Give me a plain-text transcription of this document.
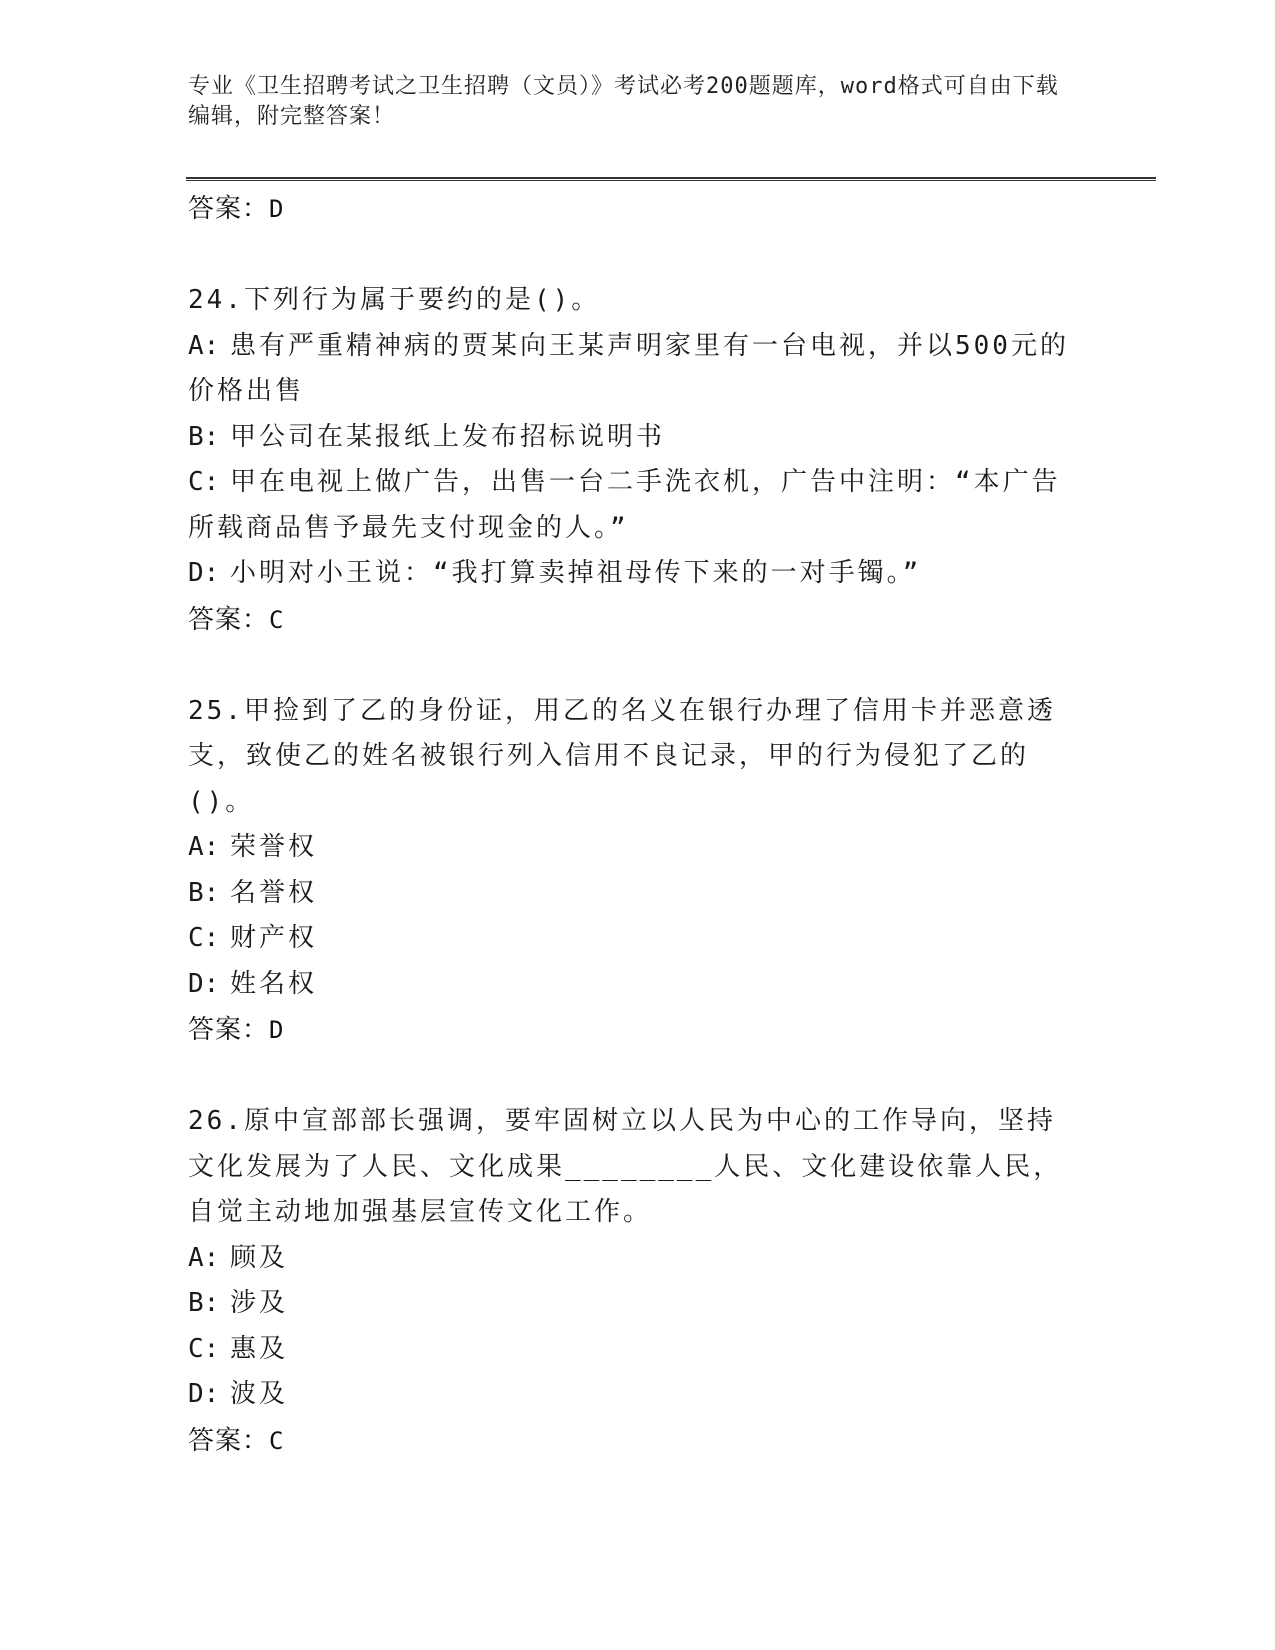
专业《卫生招聘考试之卫生招聘（文员）》考试必考200题题库，word格式可自由下载编辑，附完整答案！
答案：D
24.下列行为属于要约的是()。
A: 患有严重精神病的贾某向王某声明家里有一台电视，并以500元的价格出售
B: 甲公司在某报纸上发布招标说明书
C: 甲在电视上做广告，出售一台二手洗衣机，广告中注明：“本广告所载商品售予最先支付现金的人。”
D: 小明对小王说：“我打算卖掉祖母传下来的一对手镯。”
答案：C
25.甲捡到了乙的身份证，用乙的名义在银行办理了信用卡并恶意透支，致使乙的姓名被银行列入信用不良记录，甲的行为侵犯了乙的()。
A: 荣誉权
B: 名誉权
C: 财产权
D: 姓名权
答案：D
26.原中宣部部长强调，要牢固树立以人民为中心的工作导向，坚持文化发展为了人民、文化成果________人民、文化建设依靠人民，自觉主动地加强基层宣传文化工作。
A: 顾及
B: 涉及
C: 惠及
D: 波及
答案：C
